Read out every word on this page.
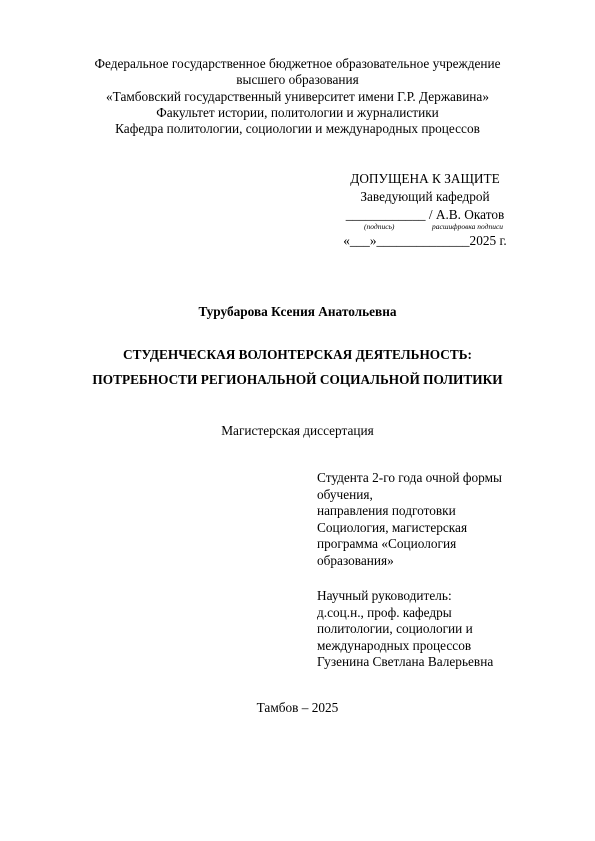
Федеральное государственное бюджетное образовательное учреждение
высшего образования
«Тамбовский государственный университет имени Г.Р. Державина»
Факультет истории, политологии и журналистики
Кафедра политологии, социологии и международных процессов
ДОПУЩЕНА К ЗАЩИТЕ
Заведующий кафедрой
____________ / А.В. Окатов
(подпись)	расшифровка подписи
«___»______________2025 г.
Турубарова Ксения Анатольевна
СТУДЕНЧЕСКАЯ ВОЛОНТЕРСКАЯ ДЕЯТЕЛЬНОСТЬ:
ПОТРЕБНОСТИ РЕГИОНАЛЬНОЙ СОЦИАЛЬНОЙ ПОЛИТИКИ
Магистерская диссертация
Студента 2-го года очной формы
обучения,
направления подготовки
Социология, магистерская
программа «Социология
образования»
Научный руководитель:
д.соц.н., проф. кафедры
политологии, социологии и
международных процессов
Гузенина Светлана Валерьевна
Тамбов – 2025
